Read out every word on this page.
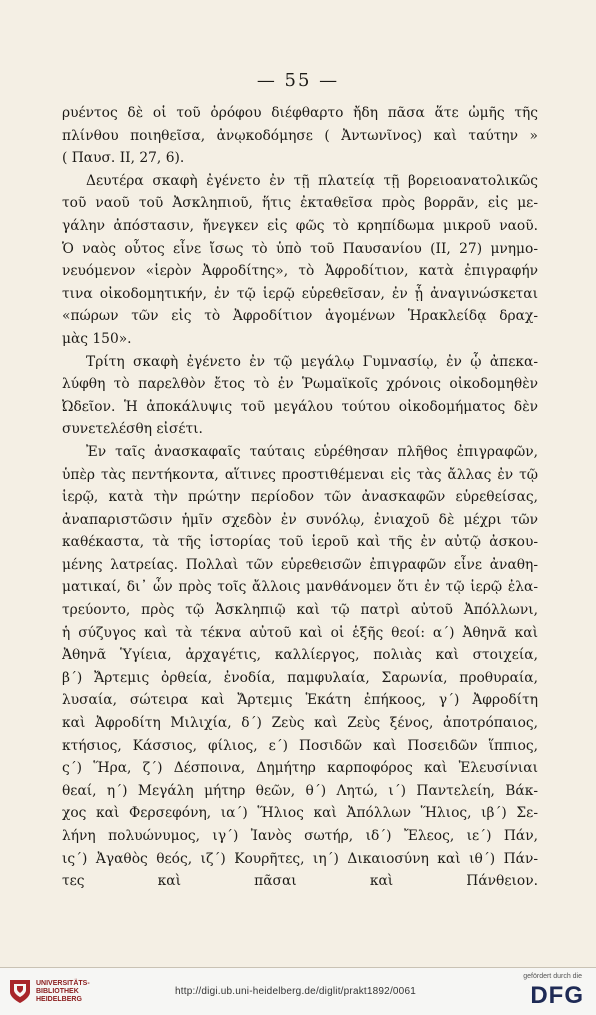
— 55 —
ρυέντος δὲ οἱ τοῦ ὀρόφου διέφθαρτο ἤδη πᾶσα ἅτε ὠμῆς τῆς
πλίνθου ποιηθεῖσα, ἀνῳκοδόμησε ( Ἀντωνῖνος) καὶ ταύτην »
( Παυσ. II, 27, 6).
Δευτέρα σκαφὴ ἐγένετο ἐν τῇ πλατείᾳ τῇ βορειοανατολικῶς
τοῦ ναοῦ τοῦ Ἀσκληπιοῦ, ἥτις ἐκταθεῖσα πρὸς βορρᾶν, εἰς με-
γάλην ἀπόστασιν, ἤνεγκεν εἰς φῶς τὸ κρηπίδωμα μικροῦ ναοῦ.
Ὁ ναὸς οὗτος εἶνε ἴσως τὸ ὑπὸ τοῦ Παυσανίου (II, 27) μνημο-
νευόμενον «ἱερὸν Ἀφροδίτης», τὸ Ἀφροδίτιον, κατὰ ἐπιγραφήν
τινα οἰκοδομητικήν, ἐν τῷ ἱερῷ εὑρεθεῖσαν, ἐν ᾗ ἀναγινώσκεται
«πώρων τῶν εἰς τὸ Ἀφροδίτιον ἀγομένων Ἡρακλείδᾳ δραχ-
μὰς 150».
Τρίτη σκαφὴ ἐγένετο ἐν τῷ μεγάλῳ Γυμνασίῳ, ἐν ᾧ ἀπεκα-
λύφθη τὸ παρελθὸν ἔτος τὸ ἐν Ῥωμαϊκοῖς χρόνοις οἰκοδομηθὲν
Ὠδεῖον. Ἡ ἀποκάλυψις τοῦ μεγάλου τούτου οἰκοδομήματος δὲν
συνετελέσθη εἰσέτι.
Ἐν ταῖς ἀνασκαφαῖς ταύταις εὑρέθησαν πλῆθος ἐπιγραφῶν,
ὑπὲρ τὰς πεντήκοντα, αἵτινες προστιθέμεναι εἰς τὰς ἄλλας ἐν τῷ
ἱερῷ, κατὰ τὴν πρώτην περίοδον τῶν ἀνασκαφῶν εὑρεθείσας,
ἀναπαριστῶσιν ἡμῖν σχεδὸν ἐν συνόλῳ, ἐνιαχοῦ δὲ μέχρι τῶν
καθέκαστα, τὰ τῆς ἱστορίας τοῦ ἱεροῦ καὶ τῆς ἐν αὐτῷ ἀσκου-
μένης λατρείας. Πολλαὶ τῶν εὑρεθεισῶν ἐπιγραφῶν εἶνε ἀναθη-
ματικαί, δι᾽ ὧν πρὸς τοῖς ἄλλοις μανθάνομεν ὅτι ἐν τῷ ἱερῷ ἐλα-
τρεύοντο, πρὸς τῷ Ἀσκληπιῷ καὶ τῷ πατρὶ αὐτοῦ Ἀπόλλωνι,
ἡ σύζυγος καὶ τὰ τέκνα αὐτοῦ καὶ οἱ ἑξῆς θεοί: α΄) Ἀθηνᾶ καὶ
Ἀθηνᾶ Ὑγίεια, ἀρχαγέτις, καλλίεργος, πολιὰς καὶ στοιχεία,
β΄) Ἄρτεμις ὀρθεία, ἐνοδία, παμφυλαία, Σαρωνία, προθυραία,
λυσαία, σώτειρα καὶ Ἄρτεμις Ἑκάτη ἐπήκοος, γ΄) Ἀφροδίτη
καὶ Ἀφροδίτη Μιλιχία, δ΄) Ζεὺς καὶ Ζεὺς ξένος, ἀποτρόπαιος,
κτήσιος, Κάσσιος, φίλιος, ε΄) Ποσιδῶν καὶ Ποσειδῶν ἵππιος,
ς΄) Ἥρα, ζ΄) Δέσποινα, Δημήτηρ καρποφόρος καὶ Ἐλευσίνιαι
θεαί, η΄) Μεγάλη μήτηρ θεῶν, θ΄) Λητώ, ι΄) Παντελείη, Βάκ-
χος καὶ Φερσεφόνη, ια΄) Ἥλιος καὶ Ἀπόλλων Ἥλιος, ιβ΄) Σε-
λήνη πολυώνυμος, ιγ΄) Ἰανὸς σωτήρ, ιδ΄) Ἔλεος, ιε΄) Πάν,
ις΄) Ἀγαθὸς θεός, ιζ΄) Κουρῆτες, ιη΄) Δικαιοσύνη καὶ ιθ΄) Πάν-
τες καὶ πᾶσαι καὶ Πάνθειον.
UNIVERSITÄTS-
BIBLIOTHEK
HEIDELBERG
http://digi.ub.uni-heidelberg.de/diglit/prakt1892/0061
gefördert durch die
DFG
